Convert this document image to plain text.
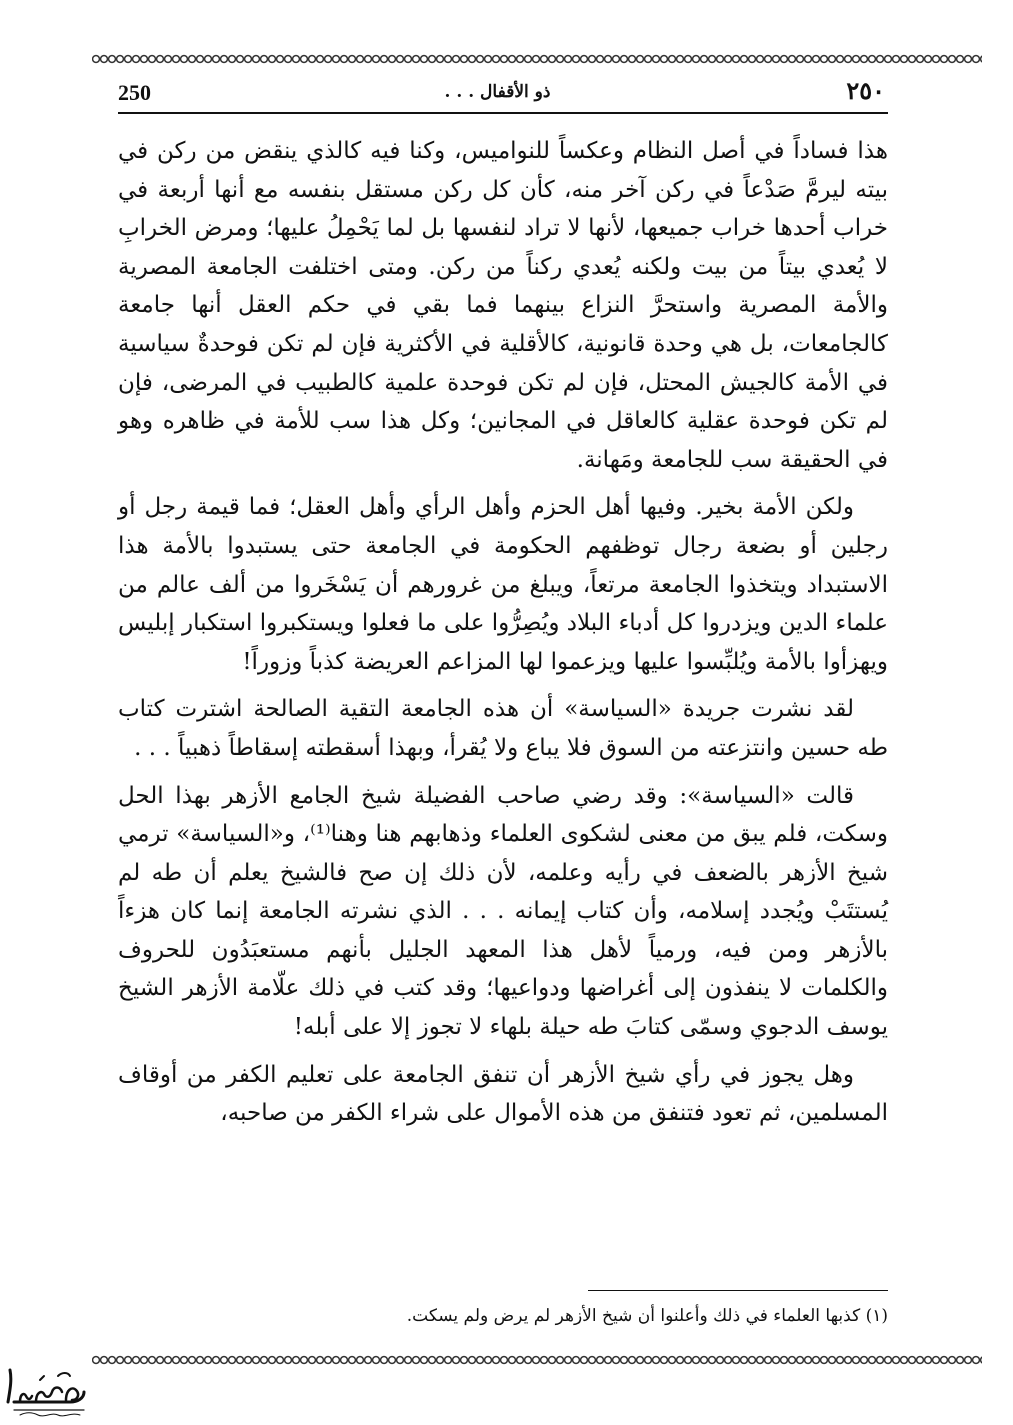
250	ذو الأقفال . . .	٢٥٠

هذا فساداً في أصل النظام وعكساً للنواميس، وكنا فيه كالذي ينقض من ركن في بيته ليرمَّ صَدْعاً في ركن آخر منه، كأن كل ركن مستقل بنفسه مع أنها أربعة في خراب أحدها خراب جميعها، لأنها لا تراد لنفسها بل لما يَحْمِلُ عليها؛ ومرض الخرابِ لا يُعدي بيتاً من بيت ولكنه يُعدي ركناً من ركن. ومتى اختلفت الجامعة المصرية والأمة المصرية واستحرَّ النزاع بينهما فما بقي في حكم العقل أنها جامعة كالجامعات، بل هي وحدة قانونية، كالأقلية في الأكثرية فإن لم تكن فوحدةٌ سياسية في الأمة كالجيش المحتل، فإن لم تكن فوحدة علمية كالطبيب في المرضى، فإن لم تكن فوحدة عقلية كالعاقل في المجانين؛ وكل هذا سب للأمة في ظاهره وهو في الحقيقة سب للجامعة ومَهانة.

ولكن الأمة بخير. وفيها أهل الحزم وأهل الرأي وأهل العقل؛ فما قيمة رجل أو رجلين أو بضعة رجال توظفهم الحكومة في الجامعة حتى يستبدوا بالأمة هذا الاستبداد ويتخذوا الجامعة مرتعاً، ويبلغ من غرورهم أن يَسْخَروا من ألف عالم من علماء الدين ويزدروا كل أدباء البلاد ويُصِرُّوا على ما فعلوا ويستكبروا استكبار إبليس ويهزأوا بالأمة ويُلبِّسوا عليها ويزعموا لها المزاعم العريضة كذباً وزوراً!

لقد نشرت جريدة «السياسة» أن هذه الجامعة التقية الصالحة اشترت كتاب طه حسين وانتزعته من السوق فلا يباع ولا يُقرأ، وبهذا أسقطته إسقاطاً ذهبياً . . .

قالت «السياسة»: وقد رضي صاحب الفضيلة شيخ الجامع الأزهر بهذا الحل وسكت، فلم يبق من معنى لشكوى العلماء وذهابهم هنا وهنا⁽¹⁾، و«السياسة» ترمي شيخ الأزهر بالضعف في رأيه وعلمه، لأن ذلك إن صح فالشيخ يعلم أن طه لم يُستتَبْ ويُجدد إسلامه، وأن كتاب إيمانه . . . الذي نشرته الجامعة إنما كان هزءاً بالأزهر ومن فيه، ورمياً لأهل هذا المعهد الجليل بأنهم مستعبَدُون للحروف والكلمات لا ينفذون إلى أغراضها ودواعيها؛ وقد كتب في ذلك علّامة الأزهر الشيخ يوسف الدجوي وسمّى كتابَ طه حيلة بلهاء لا تجوز إلا على أبله!

وهل يجوز في رأي شيخ الأزهر أن تنفق الجامعة على تعليم الكفر من أوقاف المسلمين، ثم تعود فتنفق من هذه الأموال على شراء الكفر من صاحبه،

(١) كذبها العلماء في ذلك وأعلنوا أن شيخ الأزهر لم يرض ولم يسكت.
